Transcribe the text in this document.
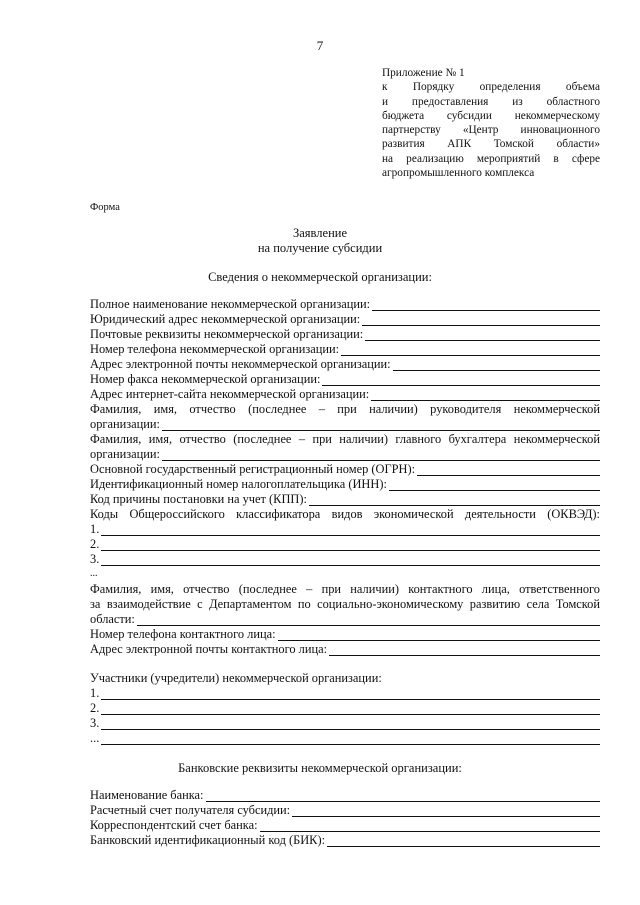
7
Приложение № 1
к Порядку определения объема
и предоставления из областного
бюджета субсидии некоммерческому
партнерству «Центр инновационного
развития АПК Томской области»
на реализацию мероприятий в сфере
агропромышленного комплекса
Форма
Заявление
на получение субсидии
Сведения о некоммерческой организации:
Полное наименование некоммерческой организации:
Юридический адрес некоммерческой организации:
Почтовые реквизиты некоммерческой организации:
Номер телефона некоммерческой организации:
Адрес электронной почты некоммерческой организации:
Номер факса некоммерческой организации:
Адрес интернет-сайта некоммерческой организации:
Фамилия, имя, отчество (последнее – при наличии) руководителя некоммерческой
организации:
Фамилия, имя, отчество (последнее – при наличии) главного бухгалтера некоммерческой
организации:
Основной государственный регистрационный номер (ОГРН):
Идентификационный номер налогоплательщика (ИНН):
Код причины постановки на учет (КПП):
Коды Общероссийского классификатора видов экономической деятельности (ОКВЭД):
1.
2.
3.
...
Фамилия, имя, отчество (последнее – при наличии) контактного лица, ответственного
за взаимодействие с Департаментом по социально-экономическому развитию села Томской
области:
Номер телефона контактного лица:
Адрес электронной почты контактного лица:
Участники (учредители) некоммерческой организации:
1.
2.
3.
...
Банковские реквизиты некоммерческой организации:
Наименование банка:
Расчетный счет получателя субсидии:
Корреспондентский счет банка:
Банковский идентификационный код (БИК):
